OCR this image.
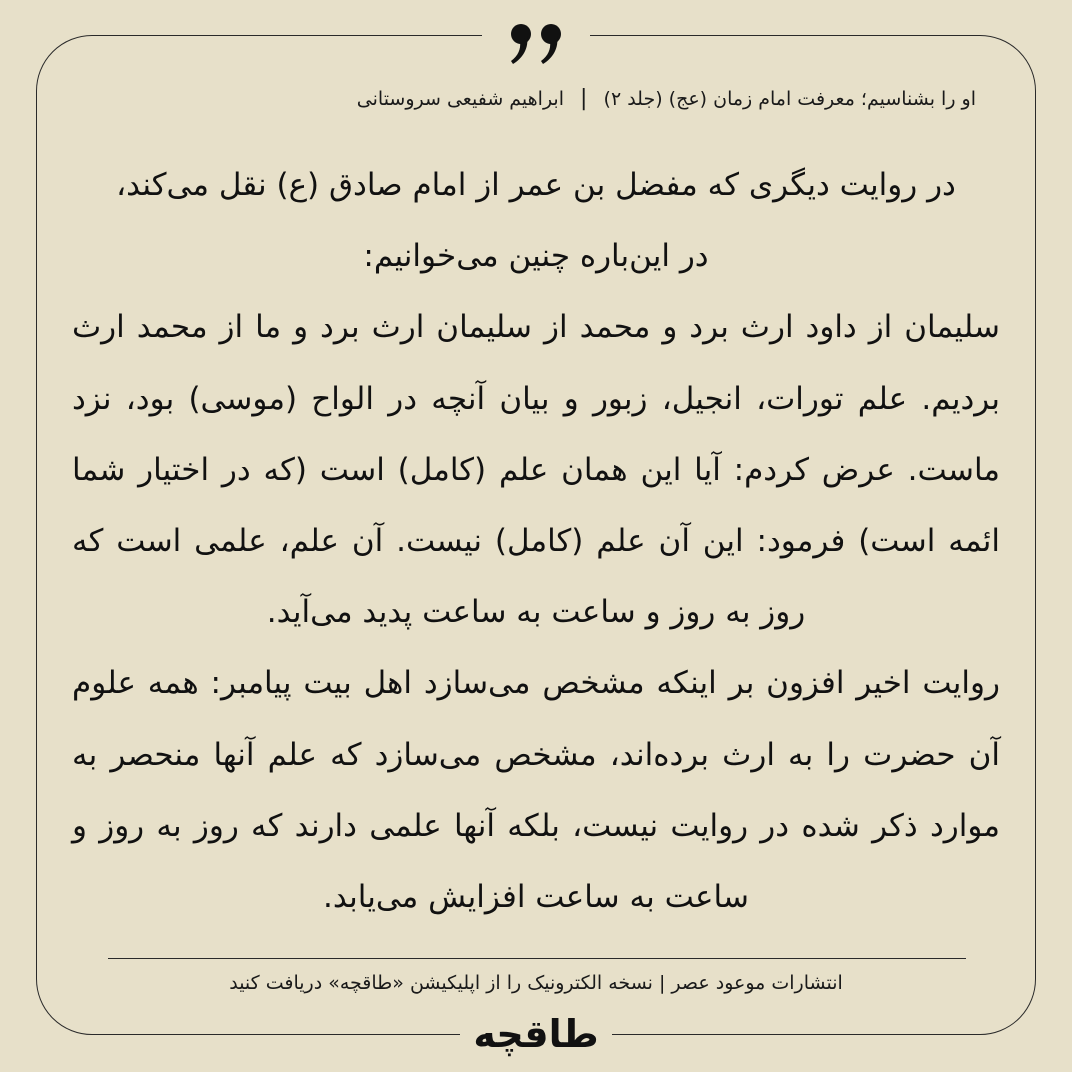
او را بشناسیم؛ معرفت امام زمان (عج) (جلد ۲) | ابراهیم شفیعی سروستانی

در روایت دیگری که مفضل بن عمر از امام صادق (ع) نقل می‌کند،

در این‌باره چنین می‌خوانیم:

سلیمان از داود ارث برد و محمد از سلیمان ارث برد و ما از محمد ارث بردیم. علم تورات، انجیل، زبور و بیان آنچه در الواح (موسی) بود، نزد ماست. عرض کردم: آیا این همان علم (کامل) است (که در اختیار شما ائمه است) فرمود: این آن علم (کامل) نیست. آن علم، علمی است که روز به روز و ساعت به ساعت پدید می‌آید.

روایت اخیر افزون بر اینکه مشخص می‌سازد اهل بیت پیامبر: همه علوم آن حضرت را به ارث برده‌اند، مشخص می‌سازد که علم آنها منحصر به موارد ذکر شده در روایت نیست، بلکه آنها علمی دارند که روز به روز و ساعت به ساعت افزایش می‌یابد.

انتشارات موعود عصر | نسخه الکترونیک را از اپلیکیشن «طاقچه» دریافت کنید
طاقچه
